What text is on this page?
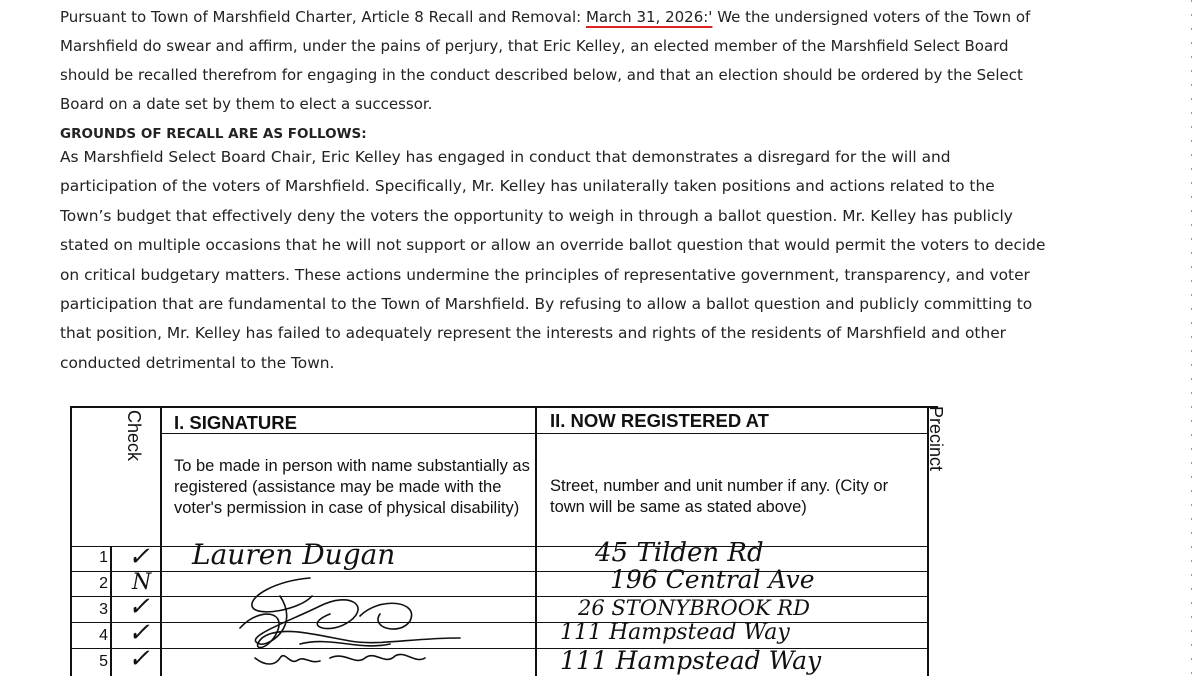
Pursuant to Town of Marshfield Charter, Article 8 Recall and Removal: March 31, 2026:' We the undersigned voters of the Town of Marshfield do swear and affirm, under the pains of perjury, that Eric Kelley, an elected member of the Marshfield Select Board should be recalled therefrom for engaging in the conduct described below, and that an election should be ordered by the Select Board on a date set by them to elect a successor.
GROUNDS OF RECALL ARE AS FOLLOWS:
As Marshfield Select Board Chair, Eric Kelley has engaged in conduct that demonstrates a disregard for the will and participation of the voters of Marshfield. Specifically, Mr. Kelley has unilaterally taken positions and actions related to the Town’s budget that effectively deny the voters the opportunity to weigh in through a ballot question. Mr. Kelley has publicly stated on multiple occasions that he will not support or allow an override ballot question that would permit the voters to decide on critical budgetary matters. These actions undermine the principles of representative government, transparency, and voter participation that are fundamental to the Town of Marshfield. By refusing to allow a ballot question and publicly committing to that position, Mr. Kelley has failed to adequately represent the interests and rights of the residents of Marshfield and other conducted detrimental to the Town.
Check	Precinct
I. SIGNATURE
To be made in person with name substantially as registered (assistance may be made with the voter's permission in case of physical disability)
II. NOW REGISTERED AT
Street, number and unit number if any. (City or town will be same as stated above)
1 ✓ Lauren Dugan	45 Tilden Rd
2 N	196 Central Ave
3 ✓	26 STONYBROOK RD
4 ✓	111 Hampstead Way
5 ✓	111 Hampstead Way
